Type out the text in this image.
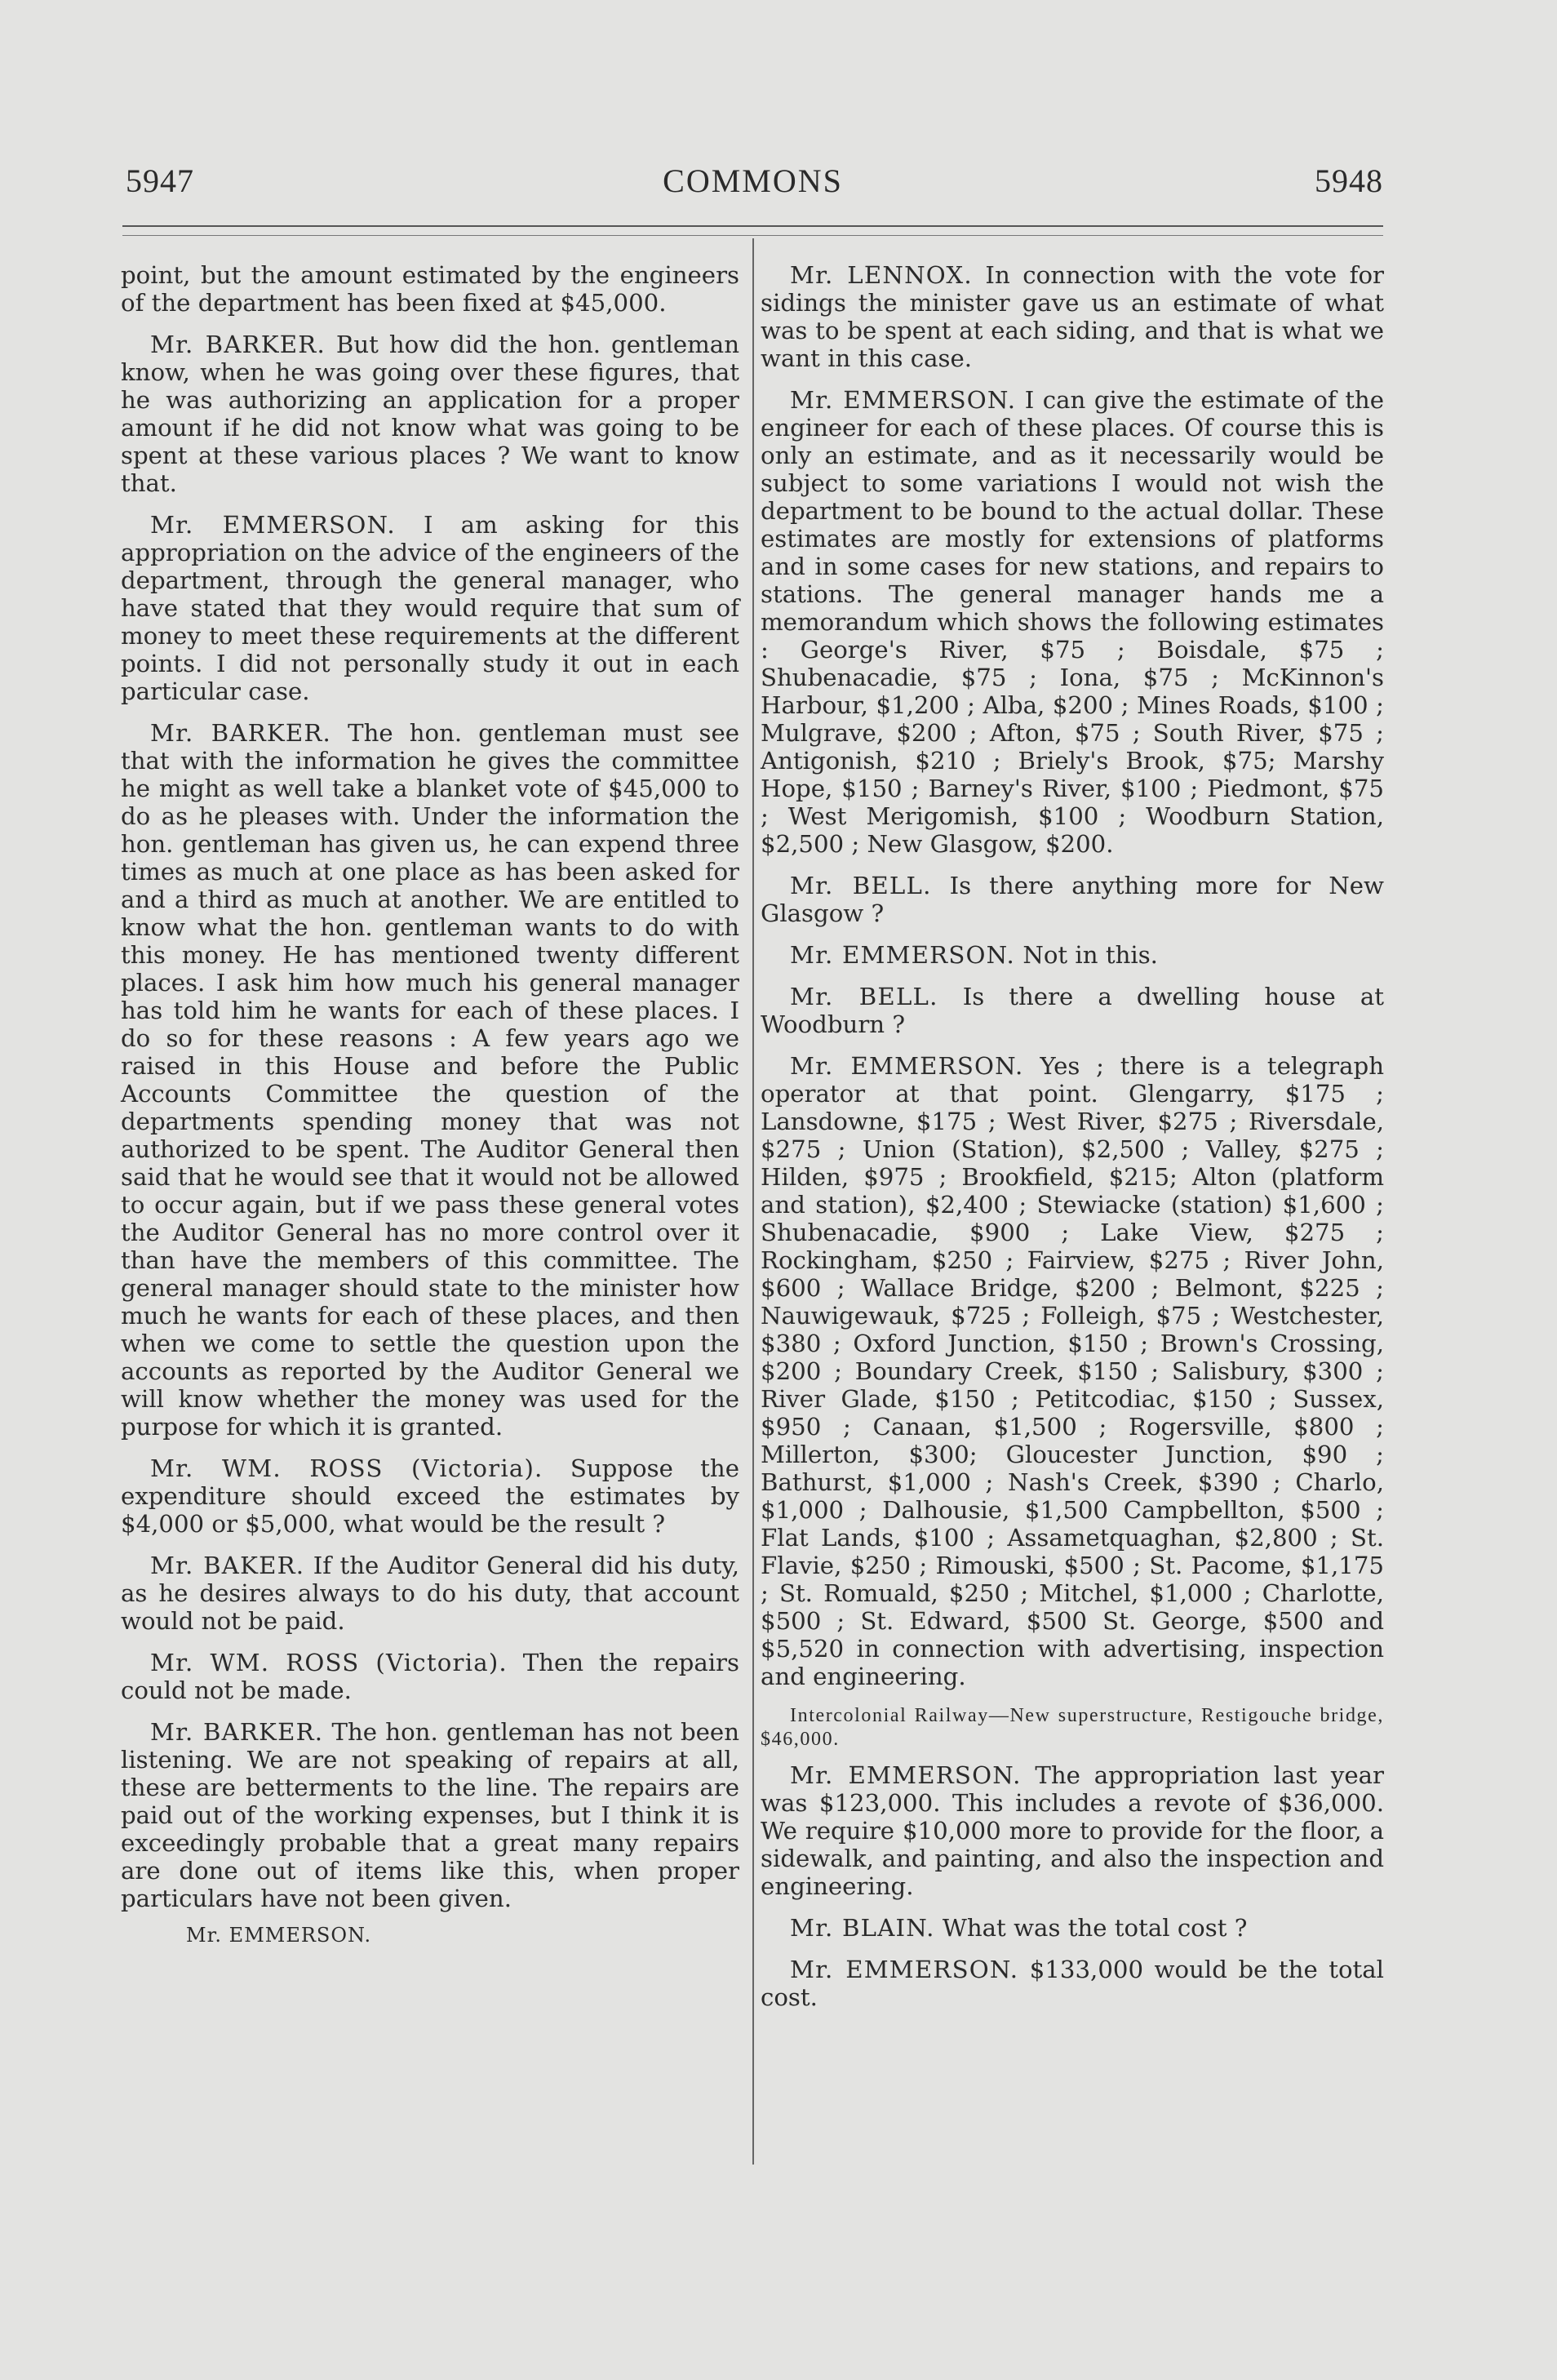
5947	COMMONS	5948

point, but the amount estimated by the engineers of the department has been fixed at $45,000.

Mr. BARKER. But how did the hon. gentleman know, when he was going over these figures, that he was authorizing an application for a proper amount if he did not know what was going to be spent at these various places ? We want to know that.

Mr. EMMERSON. I am asking for this appropriation on the advice of the engineers of the department, through the general manager, who have stated that they would require that sum of money to meet these requirements at the different points. I did not personally study it out in each particular case.

Mr. BARKER. The hon. gentleman must see that with the information he gives the committee he might as well take a blanket vote of $45,000 to do as he pleases with. Under the information the hon. gentleman has given us, he can expend three times as much at one place as has been asked for and a third as much at another. We are entitled to know what the hon. gentleman wants to do with this money. He has mentioned twenty different places. I ask him how much his general manager has told him he wants for each of these places. I do so for these reasons : A few years ago we raised in this House and before the Public Accounts Committee the question of the departments spending money that was not authorized to be spent. The Auditor General then said that he would see that it would not be allowed to occur again, but if we pass these general votes the Auditor General has no more control over it than have the members of this committee. The general manager should state to the minister how much he wants for each of these places, and then when we come to settle the question upon the accounts as reported by the Auditor General we will know whether the money was used for the purpose for which it is granted.

Mr. WM. ROSS (Victoria). Suppose the expenditure should exceed the estimates by $4,000 or $5,000, what would be the result ?

Mr. BAKER. If the Auditor General did his duty, as he desires always to do his duty, that account would not be paid.

Mr. WM. ROSS (Victoria). Then the repairs could not be made.

Mr. BARKER. The hon. gentleman has not been listening. We are not speaking of repairs at all, these are betterments to the line. The repairs are paid out of the working expenses, but I think it is exceedingly probable that a great many repairs are done out of items like this, when proper particulars have not been given.

Mr. EMMERSON.

Mr. LENNOX. In connection with the vote for sidings the minister gave us an estimate of what was to be spent at each siding, and that is what we want in this case.

Mr. EMMERSON. I can give the estimate of the engineer for each of these places. Of course this is only an estimate, and as it necessarily would be subject to some variations I would not wish the department to be bound to the actual dollar. These estimates are mostly for extensions of platforms and in some cases for new stations, and repairs to stations. The general manager hands me a memorandum which shows the following estimates : George's River, $75 ; Boisdale, $75 ; Shubenacadie, $75 ; Iona, $75 ; McKinnon's Harbour, $1,200 ; Alba, $200 ; Mines Roads, $100 ; Mulgrave, $200 ; Afton, $75 ; South River, $75 ; Antigonish, $210 ; Briely's Brook, $75; Marshy Hope, $150 ; Barney's River, $100 ; Piedmont, $75 ; West Merigomish, $100 ; Woodburn Station, $2,500 ; New Glasgow, $200.

Mr. BELL. Is there anything more for New Glasgow ?

Mr. EMMERSON. Not in this.

Mr. BELL. Is there a dwelling house at Woodburn ?

Mr. EMMERSON. Yes ; there is a telegraph operator at that point. Glengarry, $175 ; Lansdowne, $175 ; West River, $275 ; Riversdale, $275 ; Union (Station), $2,500 ; Valley, $275 ; Hilden, $975 ; Brookfield, $215; Alton (platform and station), $2,400 ; Stewiacke (station) $1,600 ; Shubenacadie, $900 ; Lake View, $275 ; Rockingham, $250 ; Fairview, $275 ; River John, $600 ; Wallace Bridge, $200 ; Belmont, $225 ; Nauwigewauk, $725 ; Folleigh, $75 ; Westchester, $380 ; Oxford Junction, $150 ; Brown's Crossing, $200 ; Boundary Creek, $150 ; Salisbury, $300 ; River Glade, $150 ; Petitcodiac, $150 ; Sussex, $950 ; Canaan, $1,500 ; Rogersville, $800 ; Millerton, $300; Gloucester Junction, $90 ; Bathurst, $1,000 ; Nash's Creek, $390 ; Charlo, $1,000 ; Dalhousie, $1,500 Campbellton, $500 ; Flat Lands, $100 ; Assametquaghan, $2,800 ; St. Flavie, $250 ; Rimouski, $500 ; St. Pacome, $1,175 ; St. Romuald, $250 ; Mitchel, $1,000 ; Charlotte, $500 ; St. Edward, $500 St. George, $500 and $5,520 in connection with advertising, inspection and engineering.

Intercolonial Railway—New superstructure, Restigouche bridge, $46,000.

Mr. EMMERSON. The appropriation last year was $123,000. This includes a revote of $36,000. We require $10,000 more to provide for the floor, a sidewalk, and painting, and also the inspection and engineering.

Mr. BLAIN. What was the total cost ?

Mr. EMMERSON. $133,000 would be the total cost.
